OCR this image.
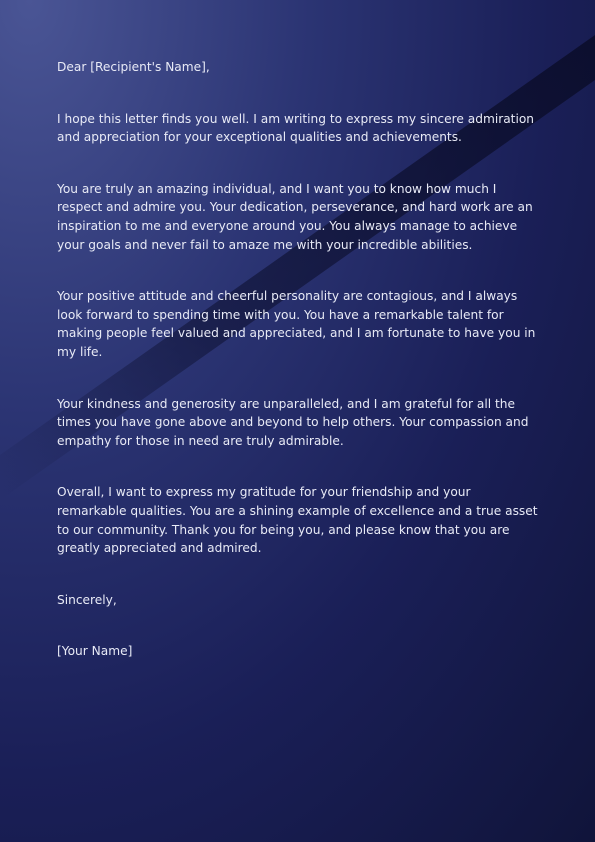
Dear [Recipient's Name],

I hope this letter finds you well. I am writing to express my sincere admiration and appreciation for your exceptional qualities and achievements.

You are truly an amazing individual, and I want you to know how much I respect and admire you. Your dedication, perseverance, and hard work are an inspiration to me and everyone around you. You always manage to achieve your goals and never fail to amaze me with your incredible abilities.

Your positive attitude and cheerful personality are contagious, and I always look forward to spending time with you. You have a remarkable talent for making people feel valued and appreciated, and I am fortunate to have you in my life.

Your kindness and generosity are unparalleled, and I am grateful for all the times you have gone above and beyond to help others. Your compassion and empathy for those in need are truly admirable.

Overall, I want to express my gratitude for your friendship and your remarkable qualities. You are a shining example of excellence and a true asset to our community. Thank you for being you, and please know that you are greatly appreciated and admired.

Sincerely,

[Your Name]
